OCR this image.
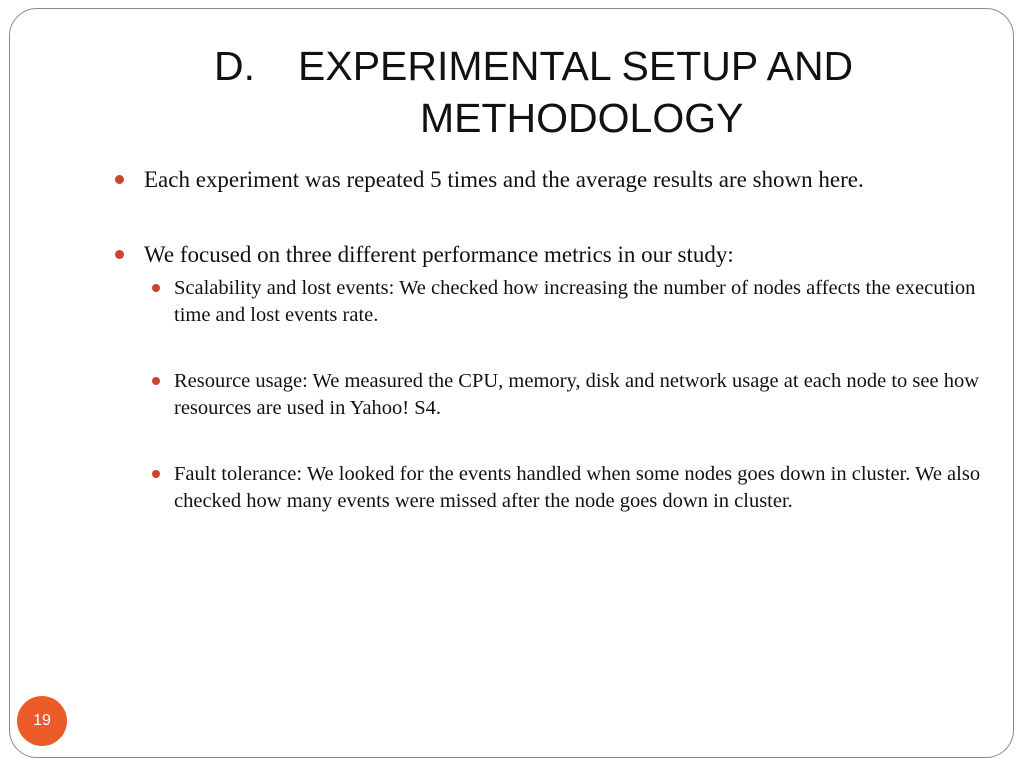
D. EXPERIMENTAL SETUP AND
METHODOLOGY
Each experiment was repeated 5 times and the average results are shown here.
We focused on three different performance metrics in our study:
Scalability and lost events: We checked how increasing the number of nodes affects the execution time and lost events rate.
Resource usage: We measured the CPU, memory, disk and network usage at each node to see how resources are used in Yahoo! S4.
Fault tolerance: We looked for the events handled when some nodes goes down in cluster. We also checked how many events were missed after the node goes down in cluster.
19
